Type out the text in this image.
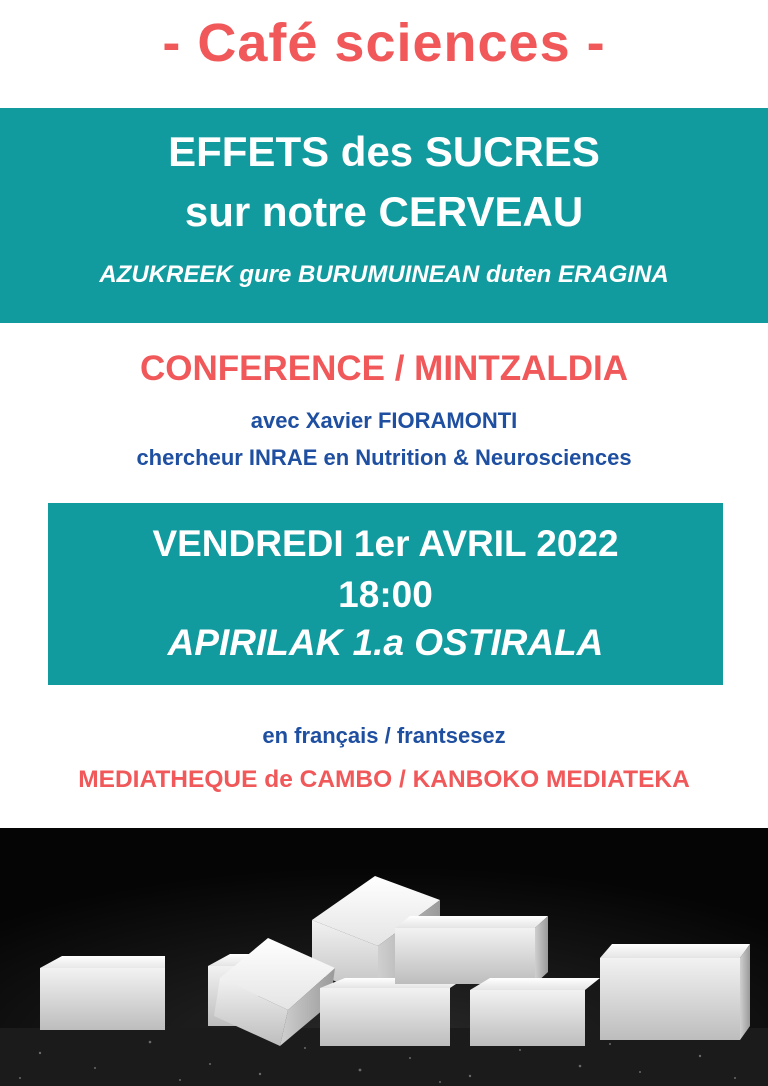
- Café sciences -
EFFETS des SUCRES
sur notre CERVEAU
AZUKREEK gure BURUMUINEAN duten ERAGINA
CONFERENCE / MINTZALDIA
avec Xavier FIORAMONTI
chercheur INRAE en Nutrition & Neurosciences
VENDREDI 1er AVRIL 2022
18:00
APIRILAK 1.a OSTIRALA
en français / frantsesez
MEDIATHEQUE de CAMBO / KANBOKO MEDIATEKA
